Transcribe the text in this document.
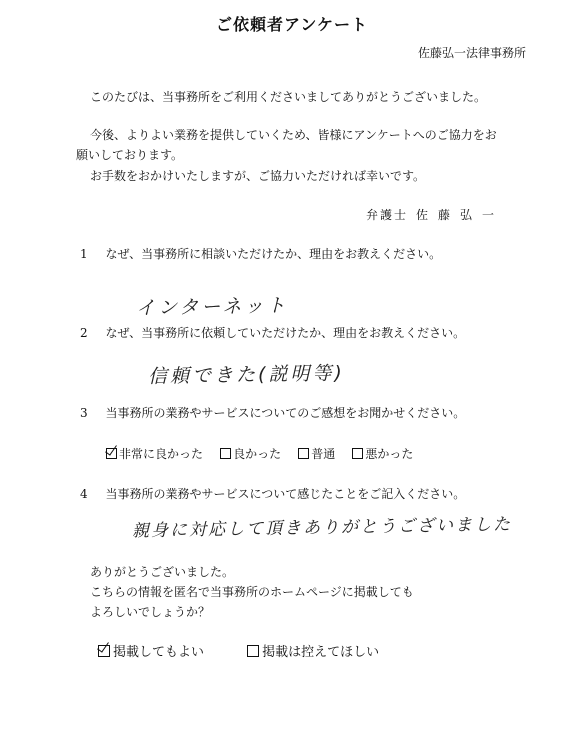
ご依頼者アンケート
佐藤弘一法律事務所
このたびは、当事務所をご利用くださいましてありがとうございました。
今後、よりよい業務を提供していくため、皆様にアンケートへのご協力をお
願いしております。
お手数をおかけいたしますが、ご協力いただければ幸いです。
弁護士 佐藤弘一
1 なぜ、当事務所に相談いただけたか、理由をお教えください。
インターネット
2 なぜ、当事務所に依頼していただけたか、理由をお教えください。
信頼できた(説明等)
3 当事務所の業務やサービスについてのご感想をお聞かせください。
非常に良かった
	良かった
	普通
	悪かった
4 当事務所の業務やサービスについて感じたことをご記入ください。
親身に対応して頂きありがとうございました
ありがとうございました。
こちらの情報を匿名で当事務所のホームページに掲載しても
よろしいでしょうか？
掲載してもよい
	掲載は控えてほしい
